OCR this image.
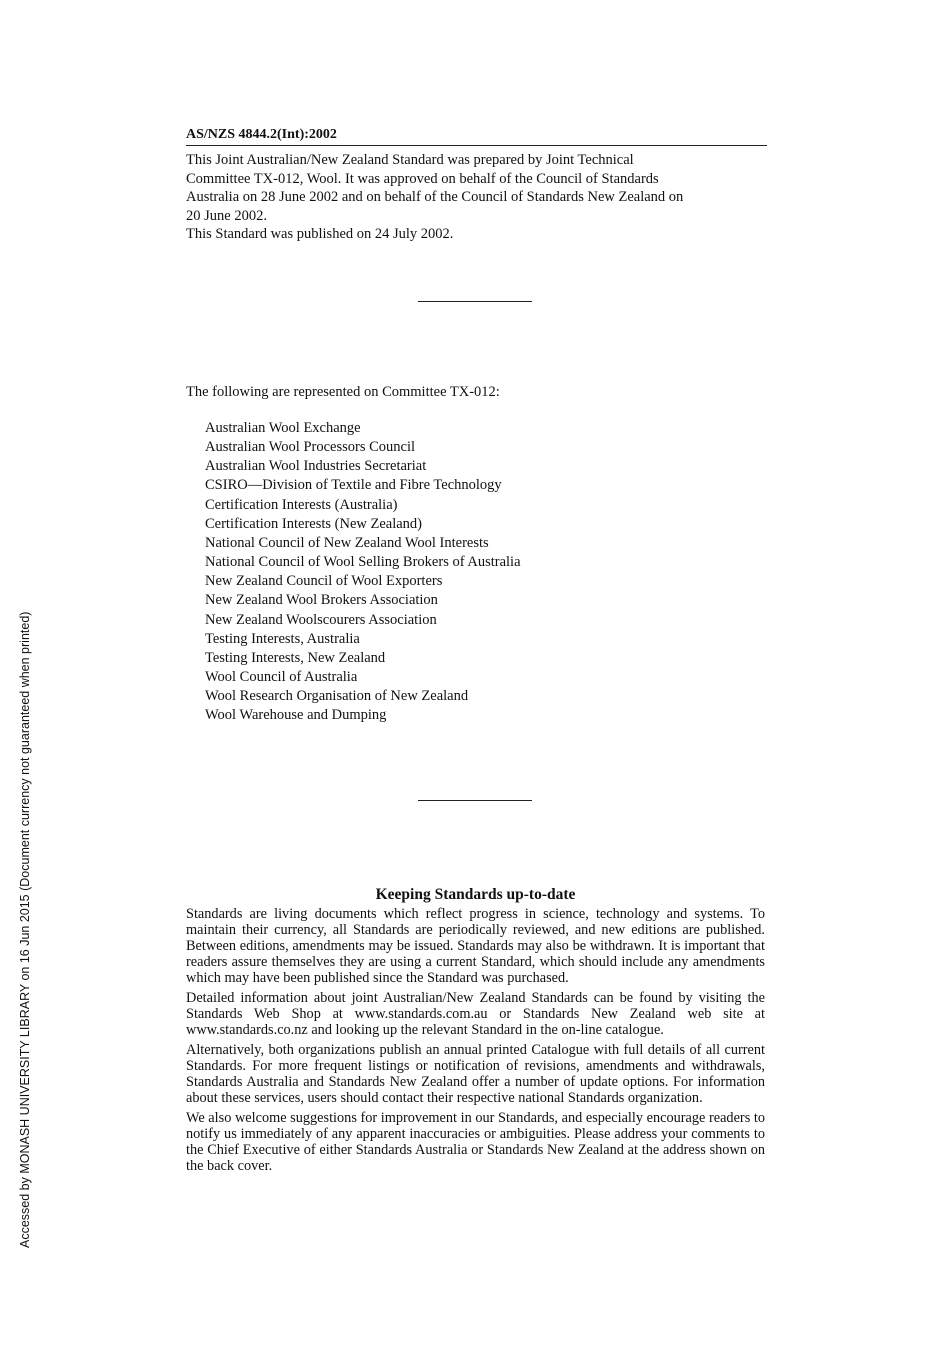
Accessed by MONASH UNIVERSITY LIBRARY on 16 Jun 2015 (Document currency not guaranteed when printed)
AS/NZS 4844.2(Int):2002

This Joint Australian/New Zealand Standard was prepared by Joint Technical

Committee TX-012, Wool. It was approved on behalf of the Council of Standards

Australia on 28 June 2002 and on behalf of the Council of Standards New Zealand on

20 June 2002.

This Standard was published on 24 July 2002.

The following are represented on Committee TX-012:
Australian Wool Exchange
Australian Wool Processors Council
Australian Wool Industries Secretariat
CSIRO—Division of Textile and Fibre Technology
Certification Interests (Australia)
Certification Interests (New Zealand)
National Council of New Zealand Wool Interests
National Council of Wool Selling Brokers of Australia
New Zealand Council of Wool Exporters
New Zealand Wool Brokers Association
New Zealand Woolscourers Association
Testing Interests, Australia
Testing Interests, New Zealand
Wool Council of Australia
Wool Research Organisation of New Zealand
Wool Warehouse and Dumping
Keeping Standards up-to-date

Standards are living documents which reflect progress in science, technology and systems. To maintain their currency, all Standards are periodically reviewed, and new editions are published. Between editions, amendments may be issued. Standards may also be withdrawn. It is important that readers assure themselves they are using a current Standard, which should include any amendments which may have been published since the Standard was purchased.

Detailed information about joint Australian/New Zealand Standards can be found by visiting the Standards Web Shop at www.standards.com.au or Standards New Zealand web site at www.standards.co.nz and looking up the relevant Standard in the on-line catalogue.

Alternatively, both organizations publish an annual printed Catalogue with full details of all current Standards. For more frequent listings or notification of revisions, amendments and withdrawals, Standards Australia and Standards New Zealand offer a number of update options. For information about these services, users should contact their respective national Standards organization.

We also welcome suggestions for improvement in our Standards, and especially encourage readers to notify us immediately of any apparent inaccuracies or ambiguities. Please address your comments to the Chief Executive of either Standards Australia or Standards New Zealand at the address shown on the back cover.
